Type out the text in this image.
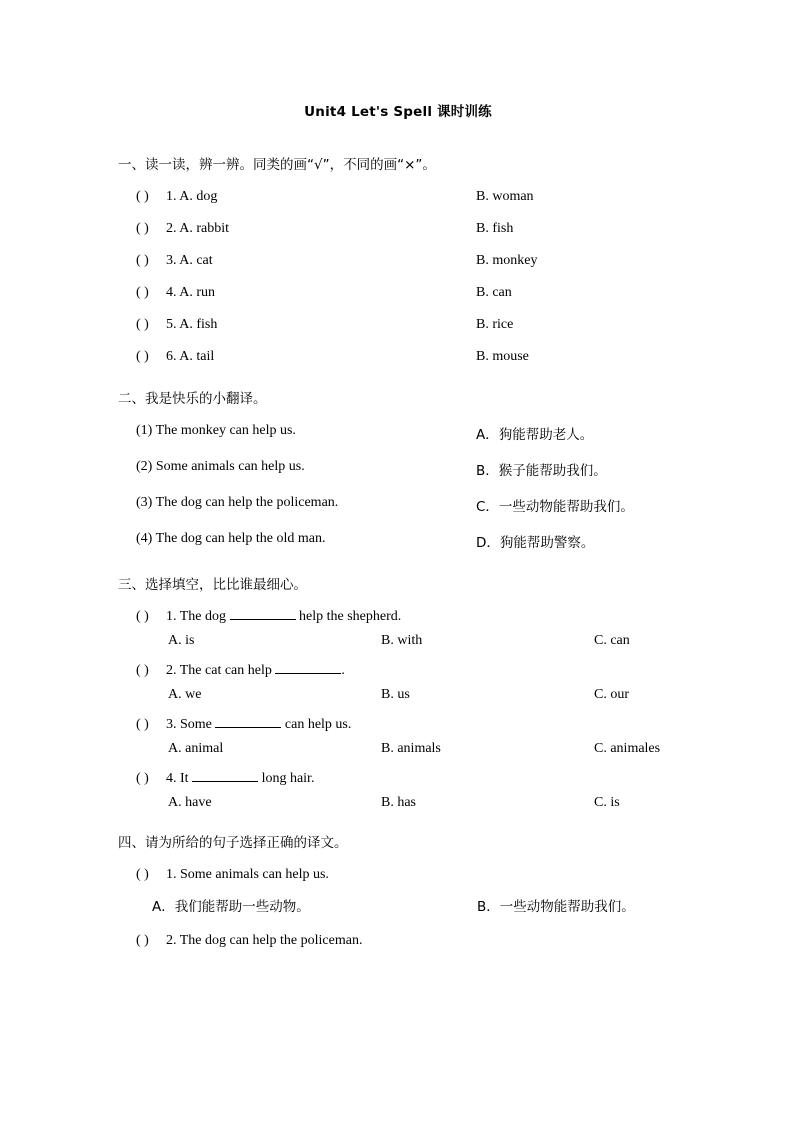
Unit4 Let's Spell 课时训练
一、读一读，辨一辨。同类的画“√”，不同的画“×”。
( ) 1. A. dog	B. woman
( ) 2. A. rabbit	B. fish
( ) 3. A. cat	B. monkey
( ) 4. A. run	B. can
( ) 5. A. fish	B. rice
( ) 6. A. tail	B. mouse
二、我是快乐的小翻译。
(1) The monkey can help us.	A．狗能帮助老人。
(2) Some animals can help us.	B．猴子能帮助我们。
(3) The dog can help the policeman.	C．一些动物能帮助我们。
(4) The dog can help the old man.	D．狗能帮助警察。
三、选择填空，比比谁最细心。
( ) 1. The dog	help the shepherd.
A. is	B. with	C. can
( ) 2. The cat can help	.
A. we	B. us	C. our
( ) 3. Some	can help us.
A. animal	B. animals	C. animales
( ) 4. It	long hair.
A. have	B. has	C. is
四、请为所给的句子选择正确的译文。
( ) 1. Some animals can help us.
A．我们能帮助一些动物。	B．一些动物能帮助我们。
( ) 2. The dog can help the policeman.
